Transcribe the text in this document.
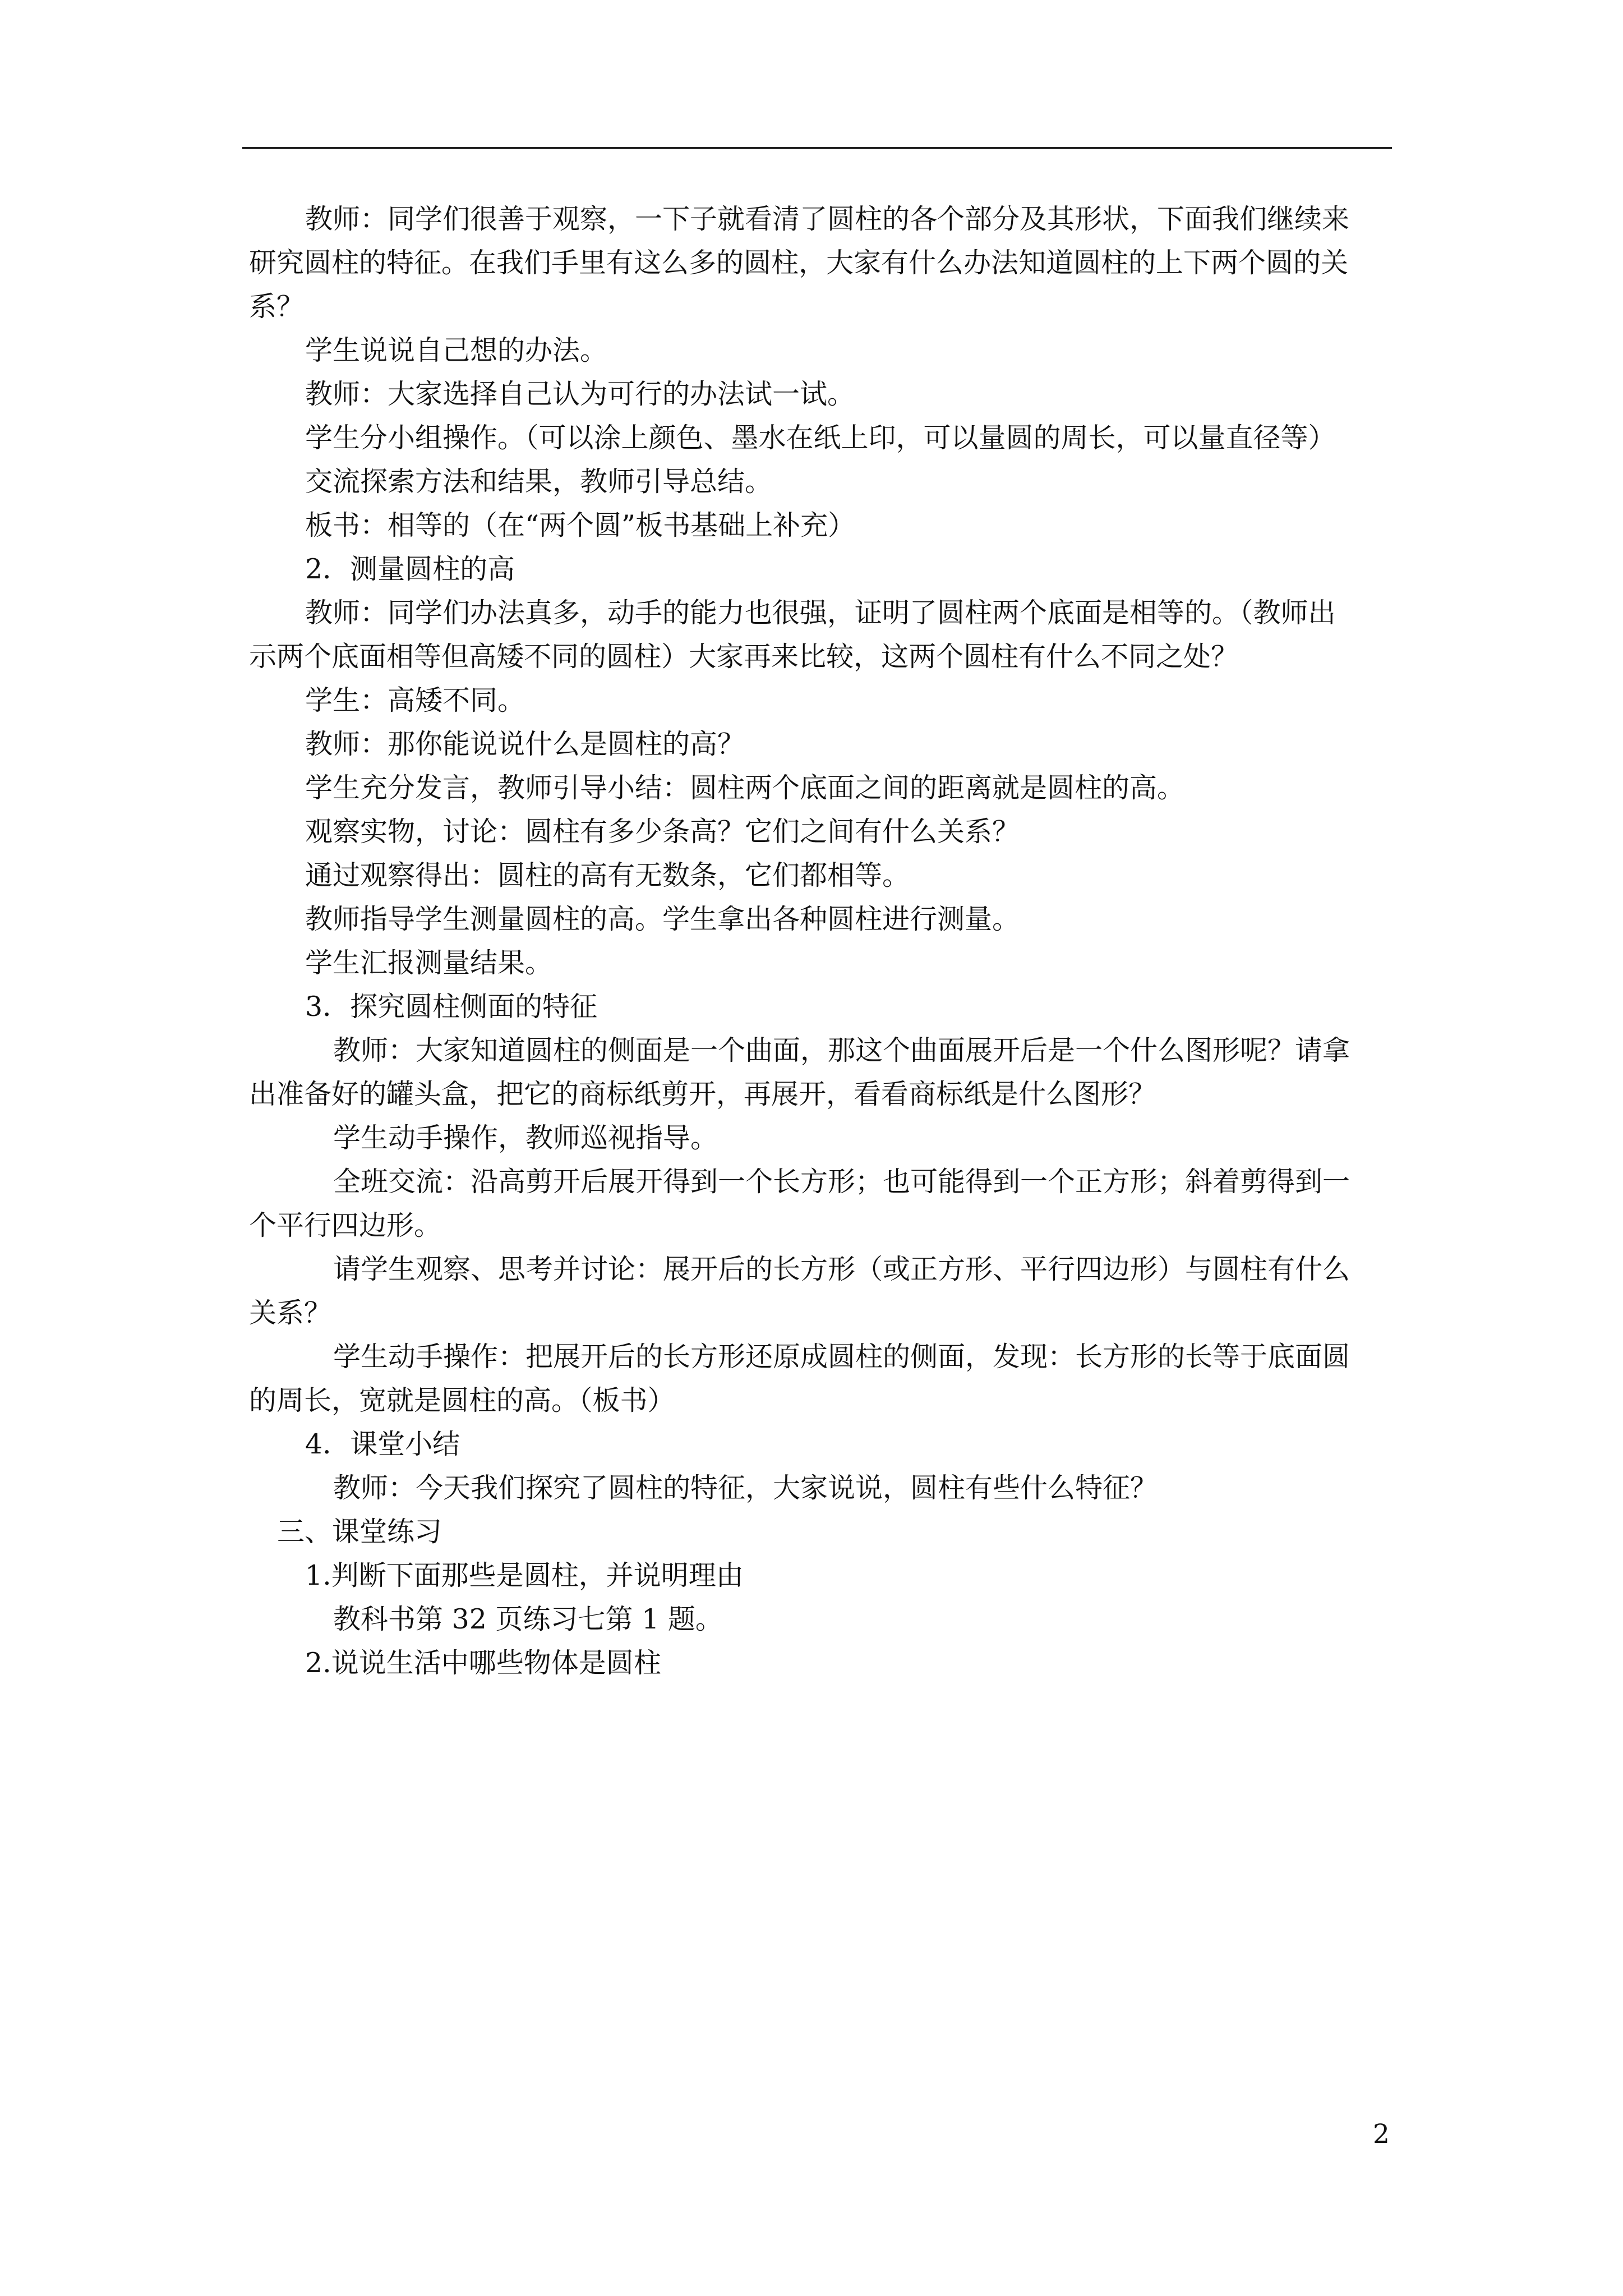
教师：同学们很善于观察，一下子就看清了圆柱的各个部分及其形状，下面我们继续来

研究圆柱的特征。在我们手里有这么多的圆柱，大家有什么办法知道圆柱的上下两个圆的关

系？

学生说说自己想的办法。

教师：大家选择自己认为可行的办法试一试。

学生分小组操作。（可以涂上颜色、墨水在纸上印，可以量圆的周长，可以量直径等）

交流探索方法和结果，教师引导总结。

板书：相等的（在“两个圆”板书基础上补充）

2．测量圆柱的高

教师：同学们办法真多，动手的能力也很强，证明了圆柱两个底面是相等的。（教师出

示两个底面相等但高矮不同的圆柱）大家再来比较，这两个圆柱有什么不同之处？

学生：高矮不同。

教师：那你能说说什么是圆柱的高？

学生充分发言，教师引导小结：圆柱两个底面之间的距离就是圆柱的高。

观察实物，讨论：圆柱有多少条高？它们之间有什么关系？

通过观察得出：圆柱的高有无数条，它们都相等。

教师指导学生测量圆柱的高。学生拿出各种圆柱进行测量。

学生汇报测量结果。

3．探究圆柱侧面的特征

教师：大家知道圆柱的侧面是一个曲面，那这个曲面展开后是一个什么图形呢？请拿

出准备好的罐头盒，把它的商标纸剪开，再展开，看看商标纸是什么图形？

学生动手操作，教师巡视指导。

全班交流：沿高剪开后展开得到一个长方形；也可能得到一个正方形；斜着剪得到一

个平行四边形。

请学生观察、思考并讨论：展开后的长方形（或正方形、平行四边形）与圆柱有什么

关系？

学生动手操作：把展开后的长方形还原成圆柱的侧面，发现：长方形的长等于底面圆

的周长，宽就是圆柱的高。（板书）

4．课堂小结

教师：今天我们探究了圆柱的特征，大家说说，圆柱有些什么特征？

三、课堂练习

1.判断下面那些是圆柱，并说明理由

教科书第 32 页练习七第 1 题。

2.说说生活中哪些物体是圆柱

2
